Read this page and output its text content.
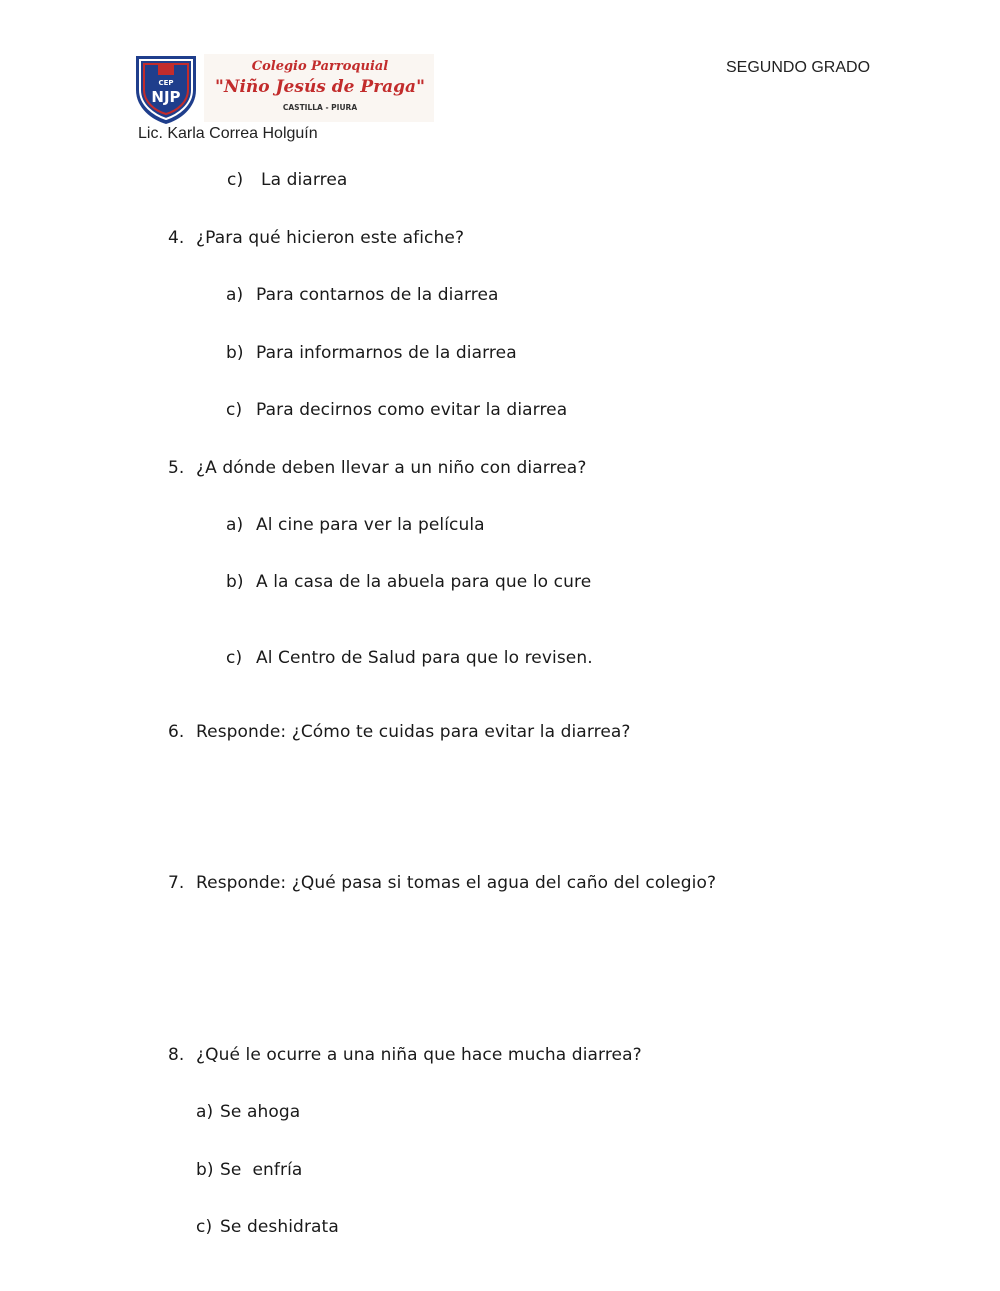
CEP
NJP
Colegio Parroquial
"Niño Jesús de Praga"
CASTILLA - PIURA
SEGUNDO GRADO
Lic. Karla Correa Holguín
c) La diarrea
4. ¿Para qué hicieron este afiche?
a) Para contarnos de la diarrea
b) Para informarnos de la diarrea
c) Para decirnos como evitar la diarrea
5. ¿A dónde deben llevar a un niño con diarrea?
a) Al cine para ver la película
b) A la casa de la abuela para que lo cure
c) Al Centro de Salud para que lo revisen.
6. Responde: ¿Cómo te cuidas para evitar la diarrea?
7. Responde: ¿Qué pasa si tomas el agua del caño del colegio?
8. ¿Qué le ocurre a una niña que hace mucha diarrea?
a) Se ahoga
b) Se  enfría
c) Se deshidrata
